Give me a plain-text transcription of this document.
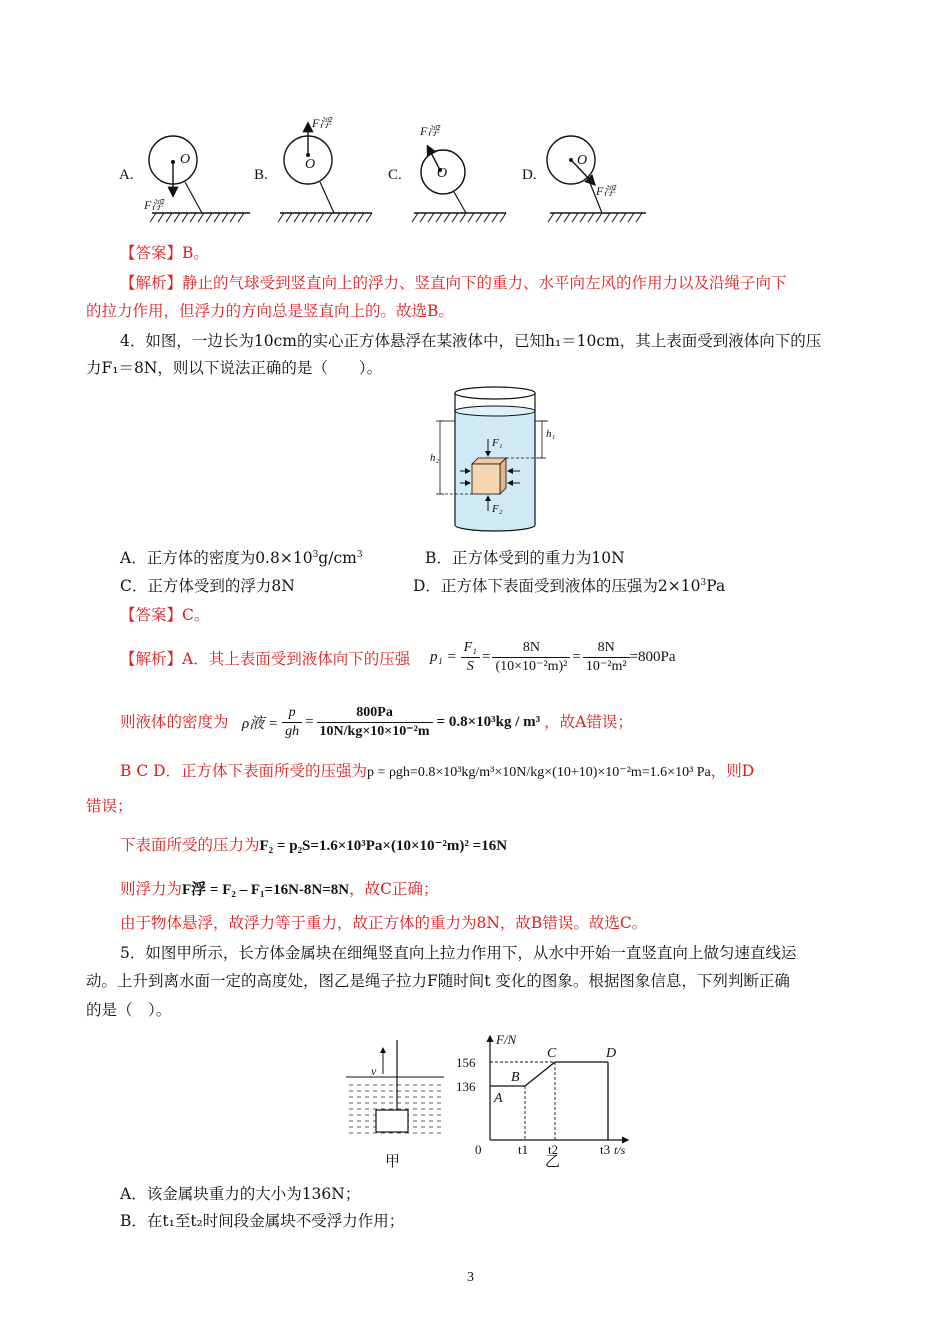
A.
O
F浮
B.
O
F浮
C.	O
F浮
D.
O
F浮
【答案】B。
【解析】静止的气球受到竖直向上的浮力、竖直向下的重力、水平向左风的作用力以及沿绳子向下
的拉力作用，但浮力的方向总是竖直向上的。故选B。
4．如图，一边长为10cm的实心正方体悬浮在某液体中，已知h₁＝10cm，其上表面受到液体向下的压
力F₁＝8N，则以下说法正确的是（　　）。
h₁
h₂
F₁
F₂
A．正方体的密度为$0.8\times 10^3g/cm^3$	B．正方体受到的重力为10N
C．正方体受到的浮力8N	D．正方体下表面受到液体的压强为$2\times 10^3Pa$
【答案】C。
【解析】A．其上表面受到液体向下的压强 $p_1 = \frac{\text{F₁}}{S} = \frac{8N}{\text{(10×10⁻²m)²}} = \frac{8N}{\text{10⁻²m²}} =800Pa$
则液体的密度为 ρ液 = $\frac{p}{gh} = \frac{800Pa}{\text{10N/kg×10×10⁻²m}} = 0.8\times 10^3kg / m^3$ ，故A错误；
B C D．正方体下表面所受的压强为p = ρgh=0.8×10³kg/m³×10N/kg×(10+10)×10⁻²m=1.6×10³ Pa，则D
错误；
下表面所受的压力为F₂ = p₂S=1.6×10³Pa×(10×10⁻²m)² =16N
则浮力为F浮 = F₂ – F₁=16N-8N=8N，故C正确；
由于物体悬浮，故浮力等于重力，故正方体的重力为8N，故B错误。故选C。
5．如图甲所示，长方体金属块在细绳竖直向上拉力作用下，从水中开始一直竖直向上做匀速直线运
动。上升到离水面一定的高度处，图乙是绳子拉力F随时间t 变化的图象。根据图象信息，下列判断正确
的是（　）。
v
甲
A
B
C	D
156
136
0	t1 t2	t3
F/N
t/s
乙
A．该金属块重力的大小为136N；
B．在t₁至t₂时间段金属块不受浮力作用；
3
